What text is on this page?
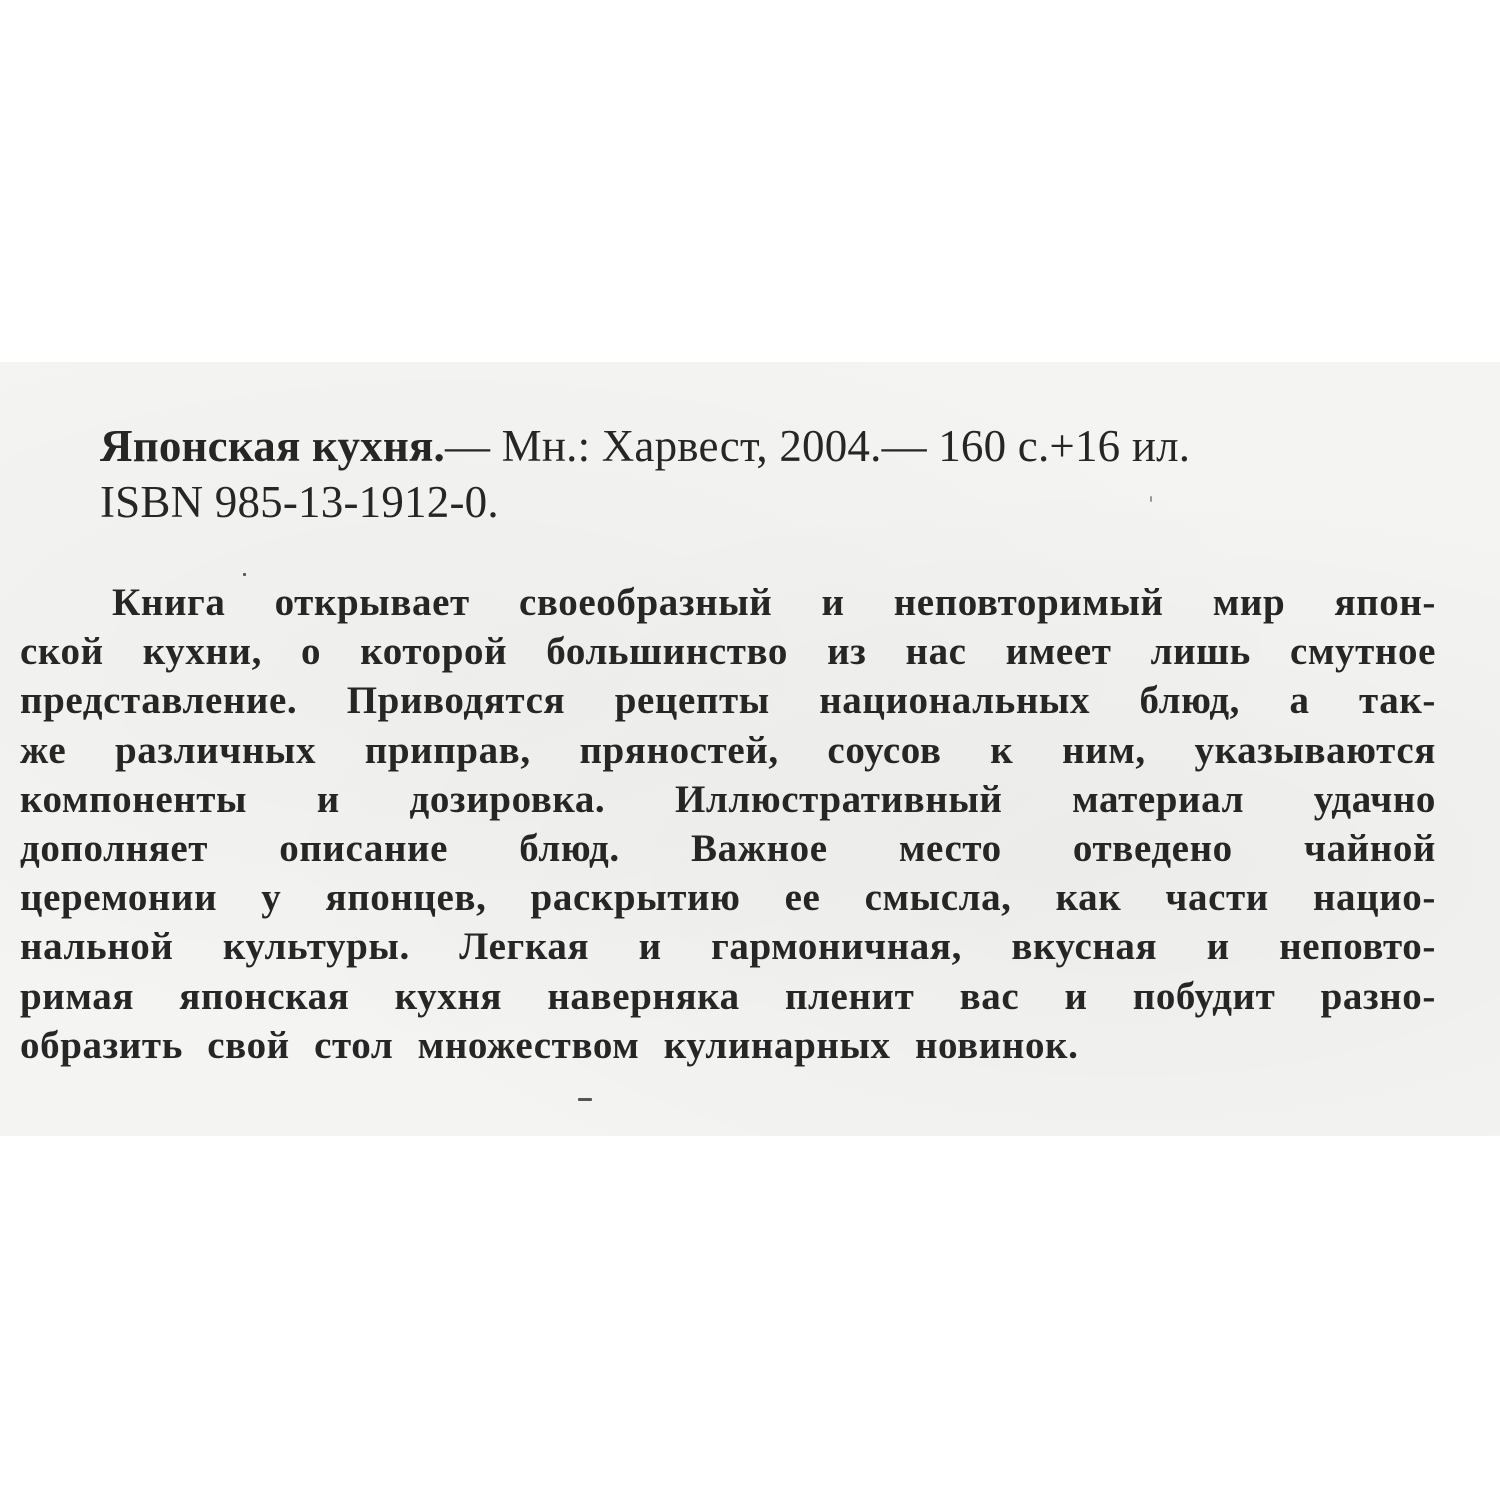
Японская кухня.— Мн.: Харвест, 2004.— 160 с.+16 ил.
ISBN 985-13-1912-0.
Книга открывает своеобразный и неповторимый мир япон-
ской кухни, о которой большинство из нас имеет лишь смутное
представление. Приводятся рецепты национальных блюд, а так-
же различных приправ, пряностей, соусов к ним, указываются
компоненты и дозировка. Иллюстративный материал удачно
дополняет описание блюд. Важное место отведено чайной
церемонии у японцев, раскрытию ее смысла, как части нацио-
нальной культуры. Легкая и гармоничная, вкусная и неповто-
римая японская кухня наверняка пленит вас и побудит разно-
образить свой стол множеством кулинарных новинок.
